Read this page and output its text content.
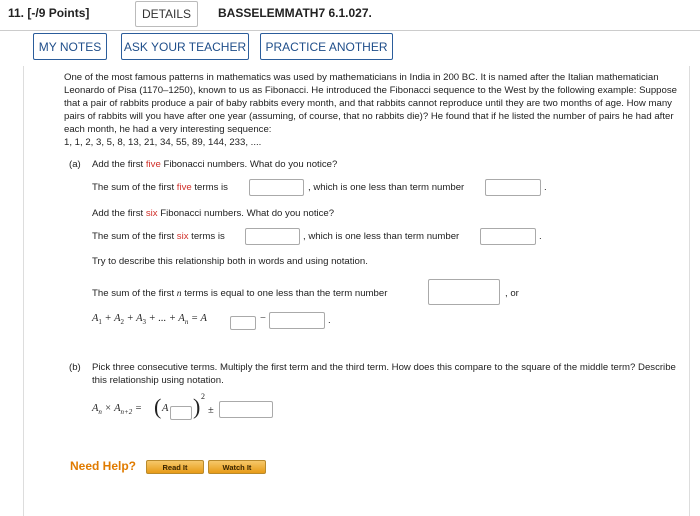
11. [-/9 Points]	DETAILS	BASSELEMMATH7 6.1.027.
MY NOTES	ASK YOUR TEACHER	PRACTICE ANOTHER

One of the most famous patterns in mathematics was used by mathematicians in India in 200 BC. It is named after the Italian mathematician Leonardo of Pisa (1170–1250), known to us as Fibonacci. He introduced the Fibonacci sequence to the West by the following example: Suppose that a pair of rabbits produce a pair of baby rabbits every month, and that rabbits cannot reproduce until they are two months of age. How many pairs of rabbits will you have after one year (assuming, of course, that no rabbits die)? He found that if he listed the number of pairs he had after each month, he had a very interesting sequence:
1, 1, 2, 3, 5, 8, 13, 21, 34, 55, 89, 144, 233, ....

(a) Add the first five Fibonacci numbers. What do you notice?
The sum of the first five terms is	, which is one less than term number	.
Add the first six Fibonacci numbers. What do you notice?
The sum of the first six terms is	, which is one less than term number	.
Try to describe this relationship both in words and using notation.
The sum of the first n terms is equal to one less than the term number	, or
$A_1 + A_2 + A_3$ + ... + $A_n = A$	−	.
(b) Pick three consecutive terms. Multiply the first term and the third term. How does this compare to the square of the middle term? Describe this relationship using notation.
$A_n \times A_{n+2}$ = ( A ) 2
±
Need Help?	Read It	Watch It
